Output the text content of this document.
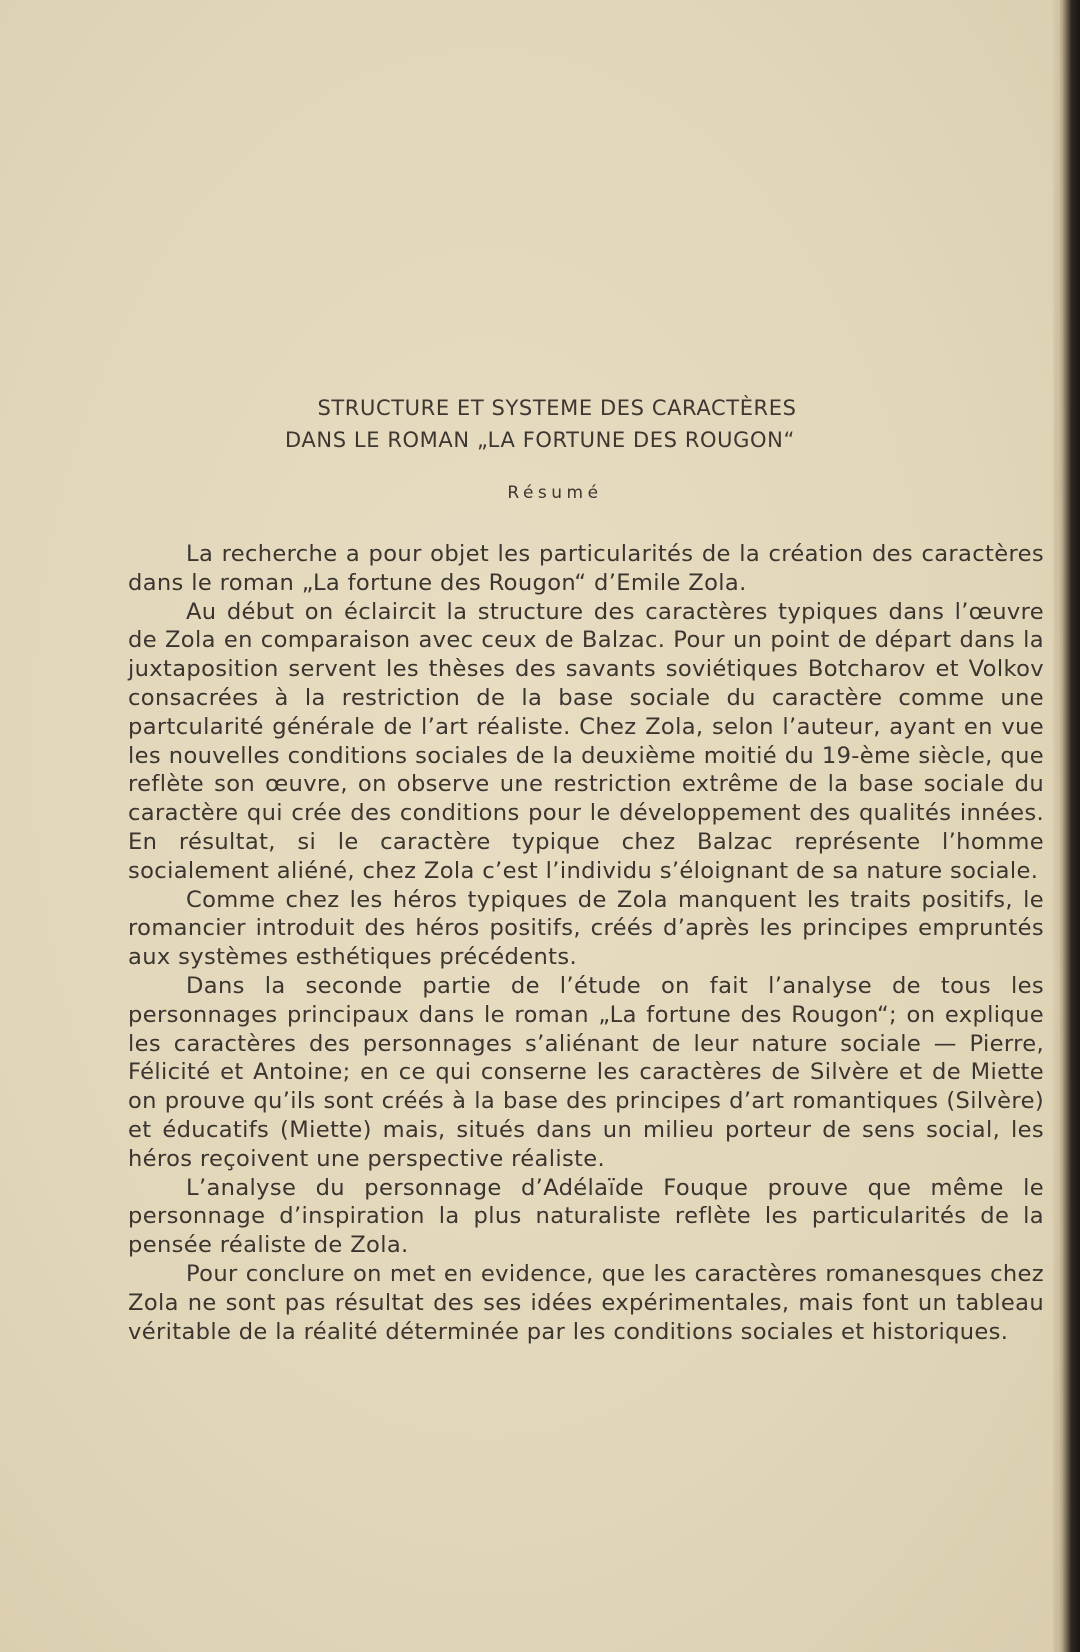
STRUCTURE ET SYSTEME DES CARACTÈRES
DANS LE ROMAN „LA FORTUNE DES ROUGON“
Résumé

La recherche a pour objet les particularités de la création des caractères dans le roman „La fortune des Rougon“ d’Emile Zola.

Au début on éclaircit la structure des caractères typiques dans l’œuvre de Zola en comparaison avec ceux de Balzac. Pour un point de départ dans la juxtaposition servent les thèses des savants soviétiques Botcharov et Volkov consacrées à la restriction de la base sociale du caractère comme une partcularité générale de l’art réaliste. Chez Zola, selon l’auteur, ayant en vue les nouvelles conditions sociales de la deuxième moitié du 19-ème siècle, que reflète son œuvre, on observe une restriction extrême de la base sociale du caractère qui crée des conditions pour le développement des qualités innées. En résultat, si le caractère typique chez Balzac représente l’homme socialement aliéné, chez Zola c’est l’individu s’éloignant de sa nature sociale.

Comme chez les héros typiques de Zola manquent les traits positifs, le romancier introduit des héros positifs, créés d’après les principes empruntés aux systèmes esthétiques précédents.

Dans la seconde partie de l’étude on fait l’analyse de tous les personnages principaux dans le roman „La fortune des Rougon“; on explique les caractères des personnages s’aliénant de leur nature sociale — Pierre, Félicité et Antoine; en ce qui conserne les caractères de Silvère et de Miette on prouve qu’ils sont créés à la base des principes d’art romantiques (Silvère) et éducatifs (Miette) mais, situés dans un milieu porteur de sens social, les héros reçoivent une perspective réaliste.

L’analyse du personnage d’Adélaïde Fouque prouve que même le personnage d’inspiration la plus naturaliste reflète les particularités de la pensée réaliste de Zola.

Pour conclure on met en evidence, que les caractères romanesques chez Zola ne sont pas résultat des ses idées expérimentales, mais font un tableau véritable de la réalité déterminée par les conditions sociales et historiques.
